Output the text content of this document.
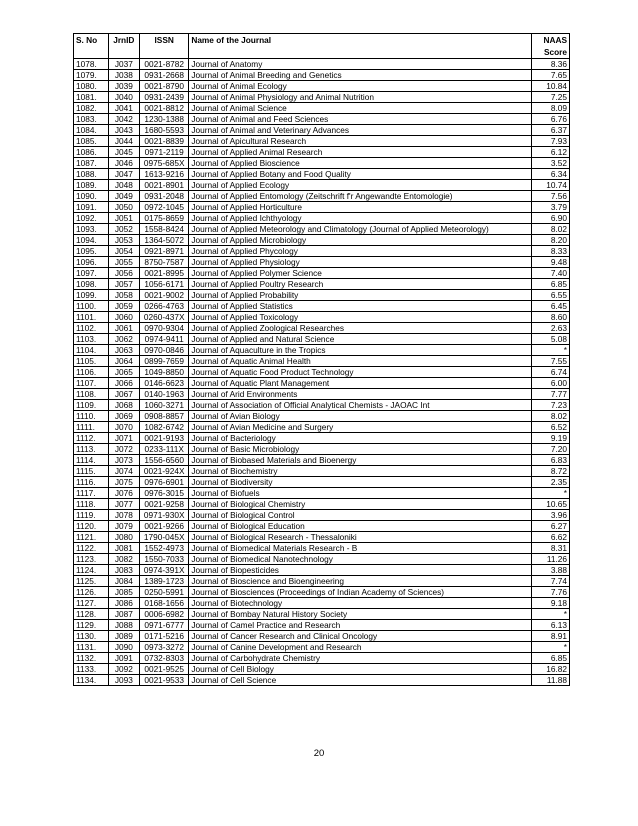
S. No	JrnID	ISSN	Name of the Journal	NAAS
Score
1078.	J037	0021-8782	Journal of Anatomy	8.36
1079.	J038	0931-2668	Journal of Animal Breeding and Genetics	7.65
1080.	J039	0021-8790	Journal of Animal Ecology	10.84
1081.	J040	0931-2439	Journal of Animal Physiology and Animal Nutrition	7.25
1082.	J041	0021-8812	Journal of Animal Science	8.09
1083.	J042	1230-1388	Journal of Animal and Feed Sciences	6.76
1084.	J043	1680-5593	Journal of Animal and Veterinary Advances	6.37
1085.	J044	0021-8839	Journal of Apicultural Research	7.93
1086.	J045	0971-2119	Journal of Applied Animal Research	6.12
1087.	J046	0975-685X	Journal of Applied Bioscience	3.52
1088.	J047	1613-9216	Journal of Applied Botany and Food Quality	6.34
1089.	J048	0021-8901	Journal of Applied Ecology	10.74
1090.	J049	0931-2048	Journal of Applied Entomology (Zeitschrift f'r Angewandte Entomologie)	7.56
1091.	J050	0972-1045	Journal of Applied Horticulture	3.79
1092.	J051	0175-8659	Journal of Applied Ichthyology	6.90
1093.	J052	1558-8424	Journal of Applied Meteorology and Climatology (Journal of Applied Meteorology)	8.02
1094.	J053	1364-5072	Journal of Applied Microbiology	8.20
1095.	J054	0921-8971	Journal of Applied Phycology	8.33
1096.	J055	8750-7587	Journal of Applied Physiology	9.48
1097.	J056	0021-8995	Journal of Applied Polymer Science	7.40
1098.	J057	1056-6171	Journal of Applied Poultry Research	6.85
1099.	J058	0021-9002	Journal of Applied Probability	6.55
1100.	J059	0266-4763	Journal of Applied Statistics	6.45
1101.	J060	0260-437X	Journal of Applied Toxicology	8.60
1102.	J061	0970-9304	Journal of Applied Zoological Researches	2.63
1103.	J062	0974-9411	Journal of Applied and Natural Science	5.08
1104.	J063	0970-0846	Journal of Aquaculture in the Tropics	*
1105.	J064	0899-7659	Journal of Aquatic Animal Health	7.55
1106.	J065	1049-8850	Journal of Aquatic Food Product Technology	6.74
1107.	J066	0146-6623	Journal of Aquatic Plant Management	6.00
1108.	J067	0140-1963	Journal of Arid Environments	7.77
1109.	J068	1060-3271	Journal of Association of Official Analytical Chemists - JAOAC Int	7.23
1110.	J069	0908-8857	Journal of Avian Biology	8.02
1111.	J070	1082-6742	Journal of Avian Medicine and Surgery	6.52
1112.	J071	0021-9193	Journal of Bacteriology	9.19
1113.	J072	0233-111X	Journal of Basic Microbiology	7.20
1114.	J073	1556-6560	Journal of Biobased Materials and Bioenergy	6.83
1115.	J074	0021-924X	Journal of Biochemistry	8.72
1116.	J075	0976-6901	Journal of Biodiversity	2.35
1117.	J076	0976-3015	Journal of Biofuels	*
1118.	J077	0021-9258	Journal of Biological Chemistry	10.65
1119.	J078	0971-930X	Journal of Biological Control	3.96
1120.	J079	0021-9266	Journal of Biological Education	6.27
1121.	J080	1790-045X	Journal of Biological Research - Thessaloniki	6.62
1122.	J081	1552-4973	Journal of Biomedical Materials Research - B	8.31
1123.	J082	1550-7033	Journal of Biomedical Nanotechnology	11.26
1124.	J083	0974-391X	Journal of Biopesticides	3.88
1125.	J084	1389-1723	Journal of Bioscience and Bioengineering	7.74
1126.	J085	0250-5991	Journal of Biosciences (Proceedings of Indian Academy of Sciences)	7.76
1127.	J086	0168-1656	Journal of Biotechnology	9.18
1128.	J087	0006-6982	Journal of Bombay Natural History Society	*
1129.	J088	0971-6777	Journal of Camel Practice and Research	6.13
1130.	J089	0171-5216	Journal of Cancer Research and Clinical Oncology	8.91
1131.	J090	0973-3272	Journal of Canine Development and Research	*
1132.	J091	0732-8303	Journal of Carbohydrate Chemistry	6.85
1133.	J092	0021-9525	Journal of Cell Biology	16.82
1134.	J093	0021-9533	Journal of Cell Science	11.88
20
